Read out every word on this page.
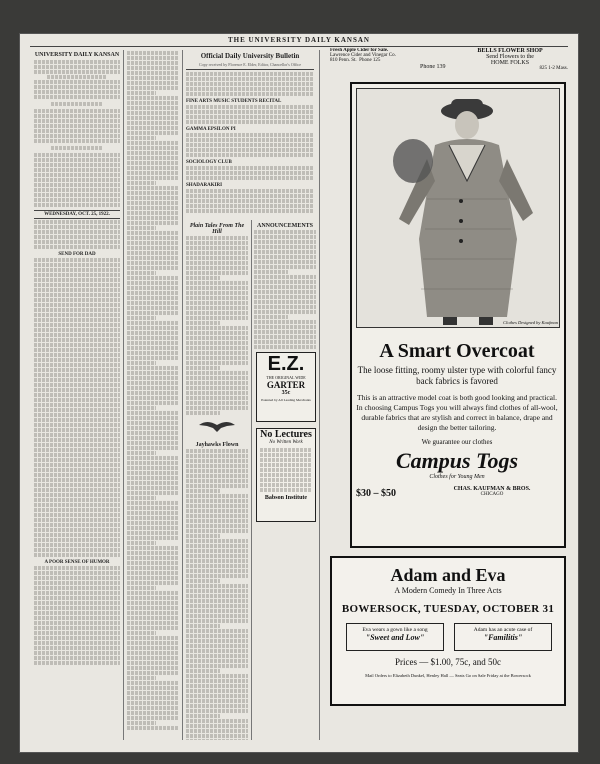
THE UNIVERSITY DAILY KANSAN
UNIVERSITY DAILY KANSAN
WEDNESDAY, OCT. 25, 1922.
SEND FOR DAD
A POOR SENSE OF HUMOR
Official Daily University Bulletin
Copy received by Florence E. Elder, Editor, Chancellor's Office
FINE ARTS MUSIC STUDENTS RECITAL
GAMMA EPSILON PI
SOCIOLOGY CLUB
SHADARAKIRI
Plain Tales From The Hill
Jayhawks Flown
ANNOUNCEMENTS
E.Z.
THE ORIGINAL WIDE
GARTER
35c
Patented by All Leading Merchants
No Lectures
No Written Work
Babson Institute
Fresh Apple Cider for Sale.
Lawrence Cider and Vinegar Co.
810 Penn. St. Phone 125
Phone 139
BELLS FLOWER SHOP
Send Flowers to the
HOME FOLKS
825 1-2 Mass.
Clothes Designed by Kaufman
A Smart Overcoat
The loose fitting, roomy ulster type with colorful fancy back fabrics is favored
This is an attractive model coat is both good looking and practical. In choosing Campus Togs you will always find clothes of all-wool, durable fabrics that are stylish and correct in balance, drape and design the better tailoring.
We guarantee our clothes
Campus Togs
Clothes for Young Men
$30 – $50	CHAS. KAUFMAN & BROS.
CHICAGO
Adam and Eva
A Modern Comedy In Three Acts
BOWERSOCK, TUESDAY, OCTOBER 31
Eva wears a gown like a song
"Sweet and Low"
Adam has an acute case of
"Familitis"
Prices — $1.00, 75c, and 50c
Mail Orders to Elizabeth Dunkel, Henley Hall — Seats Go on Sale Friday at the Bowersock
